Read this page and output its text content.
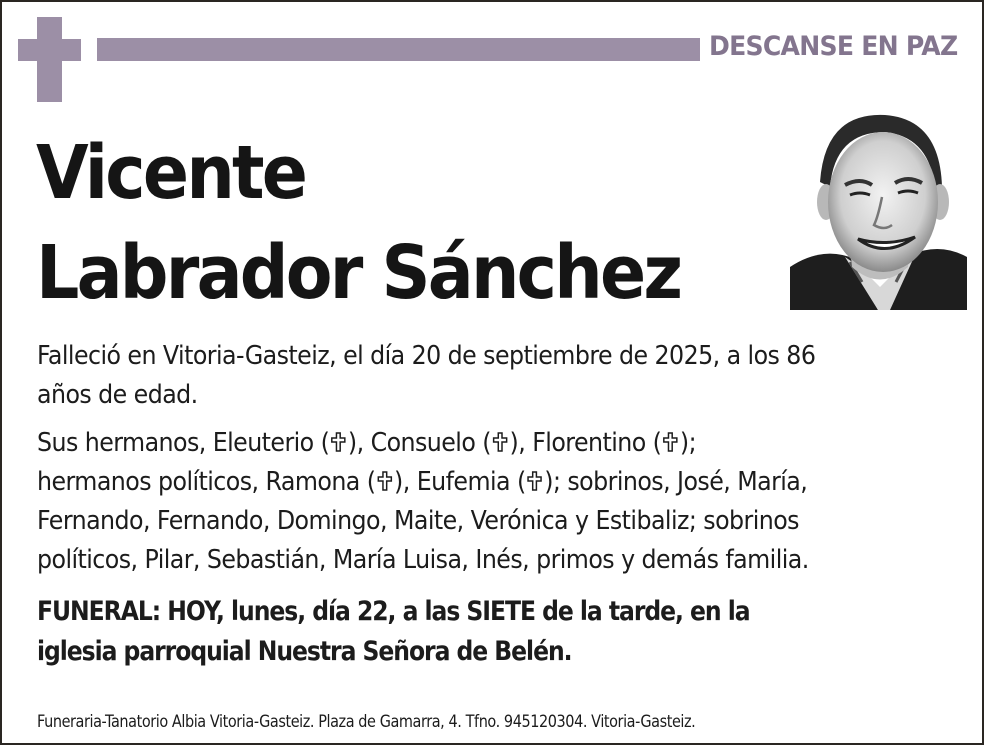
DESCANSE EN PAZ
Vicente
Labrador Sánchez
Falleció en Vitoria-Gasteiz, el día 20 de septiembre de 2025, a los 86
años de edad.
Sus hermanos, Eleuterio ( ), Consuelo ( ), Florentino ( );
hermanos políticos, Ramona ( ), Eufemia ( ); sobrinos, José, María,
Fernando, Fernando, Domingo, Maite, Verónica y Estibaliz; sobrinos
políticos, Pilar, Sebastián, María Luisa, Inés, primos y demás familia.
FUNERAL: HOY, lunes, día 22, a las SIETE de la tarde, en la
iglesia parroquial Nuestra Señora de Belén.
Funeraria-Tanatorio Albia Vitoria-Gasteiz. Plaza de Gamarra, 4. Tfno. 945120304. Vitoria-Gasteiz.
